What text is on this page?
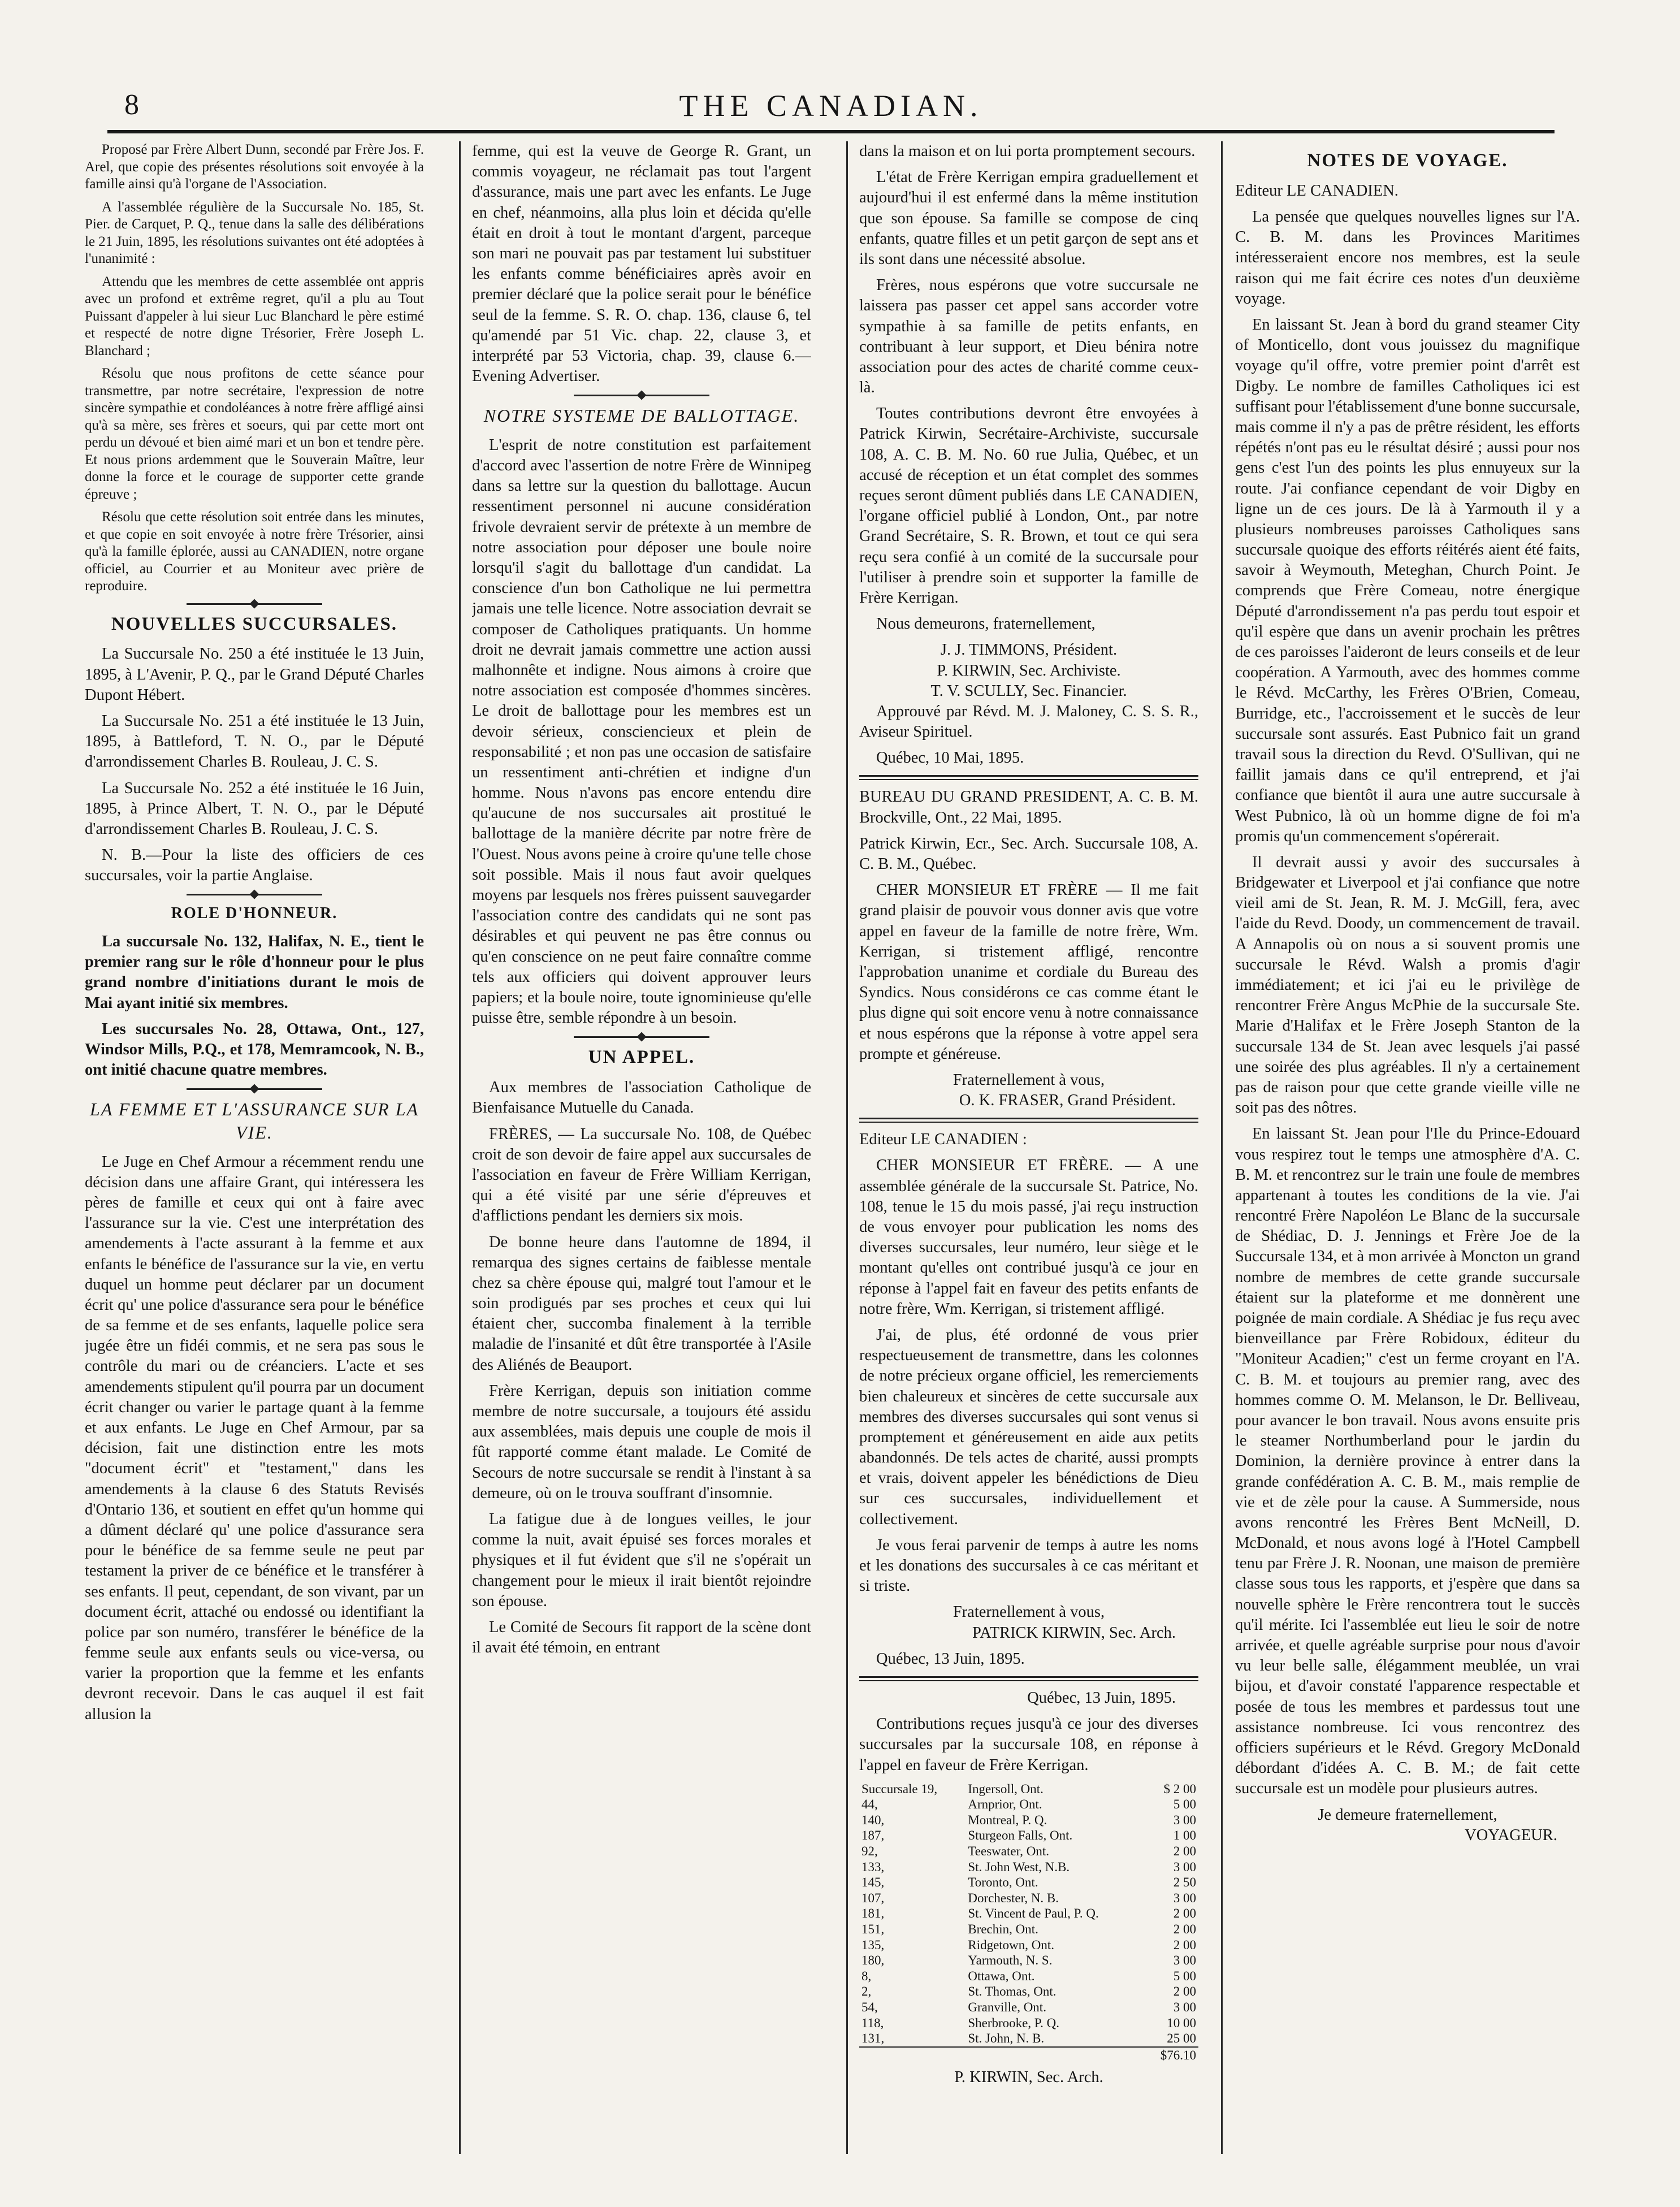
8	THE CANADIAN.

Proposé par Frère Albert Dunn, secondé par Frère Jos. F. Arel, que copie des présentes résolutions soit envoyée à la famille ainsi qu'à l'organe de l'Association.

A l'assemblée régulière de la Succursale No. 185, St. Pier. de Carquet, P. Q., tenue dans la salle des délibérations le 21 Juin, 1895, les résolutions suivantes ont été adoptées à l'unanimité :

Attendu que les membres de cette assemblée ont appris avec un profond et extrême regret, qu'il a plu au Tout Puissant d'appeler à lui sieur Luc Blanchard le père estimé et respecté de notre digne Trésorier, Frère Joseph L. Blanchard ;

Résolu que nous profitons de cette séance pour transmettre, par notre secrétaire, l'expression de notre sincère sympathie et condoléances à notre frère affligé ainsi qu'à sa mère, ses frères et soeurs, qui par cette mort ont perdu un dévoué et bien aimé mari et un bon et tendre père. Et nous prions ardemment que le Souverain Maître, leur donne la force et le courage de supporter cette grande épreuve ;

Résolu que cette résolution soit entrée dans les minutes, et que copie en soit envoyée à notre frère Trésorier, ainsi qu'à la famille éplorée, aussi au CANADIEN, notre organe officiel, au Courrier et au Moniteur avec prière de reproduire.

NOUVELLES SUCCURSALES.

La Succursale No. 250 a été instituée le 13 Juin, 1895, à L'Avenir, P. Q., par le Grand Député Charles Dupont Hébert.

La Succursale No. 251 a été instituée le 13 Juin, 1895, à Battleford, T. N. O., par le Député d'arrondissement Charles B. Rouleau, J. C. S.

La Succursale No. 252 a été instituée le 16 Juin, 1895, à Prince Albert, T. N. O., par le Député d'arrondissement Charles B. Rouleau, J. C. S.

N. B.—Pour la liste des officiers de ces succursales, voir la partie Anglaise.

ROLE D'HONNEUR.

La succursale No. 132, Halifax, N. E., tient le premier rang sur le rôle d'honneur pour le plus grand nombre d'initiations durant le mois de Mai ayant initié six membres.

Les succursales No. 28, Ottawa, Ont., 127, Windsor Mills, P.Q., et 178, Memramcook, N. B., ont initié chacune quatre membres.

LA FEMME ET L'ASSURANCE SUR LA VIE.

Le Juge en Chef Armour a récemment rendu une décision dans une affaire Grant, qui intéressera les pères de famille et ceux qui ont à faire avec l'assurance sur la vie. C'est une interprétation des amendements à l'acte assurant à la femme et aux enfants le bénéfice de l'assurance sur la vie, en vertu duquel un homme peut déclarer par un document écrit qu' une police d'assurance sera pour le bénéfice de sa femme et de ses enfants, laquelle police sera jugée être un fidéi commis, et ne sera pas sous le contrôle du mari ou de créanciers. L'acte et ses amendements stipulent qu'il pourra par un document écrit changer ou varier le partage quant à la femme et aux enfants. Le Juge en Chef Armour, par sa décision, fait une distinction entre les mots "document écrit" et "testament," dans les amendements à la clause 6 des Statuts Revisés d'Ontario 136, et soutient en effet qu'un homme qui a dûment déclaré qu' une police d'assurance sera pour le bénéfice de sa femme seule ne peut par testament la priver de ce bénéfice et le transférer à ses enfants. Il peut, cependant, de son vivant, par un document écrit, attaché ou endossé ou identifiant la police par son numéro, transférer le bénéfice de la femme seule aux enfants seuls ou vice-versa, ou varier la proportion que la femme et les enfants devront recevoir. Dans le cas auquel il est fait allusion la

femme, qui est la veuve de George R. Grant, un commis voyageur, ne réclamait pas tout l'argent d'assurance, mais une part avec les enfants. Le Juge en chef, néanmoins, alla plus loin et décida qu'elle était en droit à tout le montant d'argent, parceque son mari ne pouvait pas par testament lui substituer les enfants comme bénéficiaires après avoir en premier déclaré que la police serait pour le bénéfice seul de la femme. S. R. O. chap. 136, clause 6, tel qu'amendé par 51 Vic. chap. 22, clause 3, et interprété par 53 Victoria, chap. 39, clause 6.—Evening Advertiser.

NOTRE SYSTEME DE BALLOTTAGE.

L'esprit de notre constitution est parfaitement d'accord avec l'assertion de notre Frère de Winnipeg dans sa lettre sur la question du ballottage. Aucun ressentiment personnel ni aucune considération frivole devraient servir de prétexte à un membre de notre association pour déposer une boule noire lorsqu'il s'agit du ballottage d'un candidat. La conscience d'un bon Catholique ne lui permettra jamais une telle licence. Notre association devrait se composer de Catholiques pratiquants. Un homme droit ne devrait jamais commettre une action aussi malhonnête et indigne. Nous aimons à croire que notre association est composée d'hommes sincères. Le droit de ballottage pour les membres est un devoir sérieux, consciencieux et plein de responsabilité ; et non pas une occasion de satisfaire un ressentiment anti-chrétien et indigne d'un homme. Nous n'avons pas encore entendu dire qu'aucune de nos succursales ait prostitué le ballottage de la manière décrite par notre frère de l'Ouest. Nous avons peine à croire qu'une telle chose soit possible. Mais il nous faut avoir quelques moyens par lesquels nos frères puissent sauvegarder l'association contre des candidats qui ne sont pas désirables et qui peuvent ne pas être connus ou qu'en conscience on ne peut faire connaître comme tels aux officiers qui doivent approuver leurs papiers; et la boule noire, toute ignominieuse qu'elle puisse être, semble répondre à un besoin.

UN APPEL.

Aux membres de l'association Catholique de Bienfaisance Mutuelle du Canada.

FRÈRES, — La succursale No. 108, de Québec croit de son devoir de faire appel aux succursales de l'association en faveur de Frère William Kerrigan, qui a été visité par une série d'épreuves et d'afflictions pendant les derniers six mois.

De bonne heure dans l'automne de 1894, il remarqua des signes certains de faiblesse mentale chez sa chère épouse qui, malgré tout l'amour et le soin prodigués par ses proches et ceux qui lui étaient cher, succomba finalement à la terrible maladie de l'insanité et dût être transportée à l'Asile des Aliénés de Beauport.

Frère Kerrigan, depuis son initiation comme membre de notre succursale, a toujours été assidu aux assemblées, mais depuis une couple de mois il fût rapporté comme étant malade. Le Comité de Secours de notre succursale se rendit à l'instant à sa demeure, où on le trouva souffrant d'insomnie.

La fatigue due à de longues veilles, le jour comme la nuit, avait épuisé ses forces morales et physiques et il fut évident que s'il ne s'opérait un changement pour le mieux il irait bientôt rejoindre son épouse.

Le Comité de Secours fit rapport de la scène dont il avait été témoin, en entrant

dans la maison et on lui porta promptement secours.

L'état de Frère Kerrigan empira graduellement et aujourd'hui il est enfermé dans la même institution que son épouse. Sa famille se compose de cinq enfants, quatre filles et un petit garçon de sept ans et ils sont dans une nécessité absolue.

Frères, nous espérons que votre succursale ne laissera pas passer cet appel sans accorder votre sympathie à sa famille de petits enfants, en contribuant à leur support, et Dieu bénira notre association pour des actes de charité comme ceux-là.

Toutes contributions devront être envoyées à Patrick Kirwin, Secrétaire-Archiviste, succursale 108, A. C. B. M. No. 60 rue Julia, Québec, et un accusé de réception et un état complet des sommes reçues seront dûment publiés dans LE CANADIEN, l'organe officiel publié à London, Ont., par notre Grand Secrétaire, S. R. Brown, et tout ce qui sera reçu sera confié à un comité de la succursale pour l'utiliser à prendre soin et supporter la famille de Frère Kerrigan.

Nous demeurons, fraternellement,

J. J. TIMMONS, Président.

P. KIRWIN, Sec. Archiviste.

T. V. SCULLY, Sec. Financier.

Approuvé par Révd. M. J. Maloney, C. S. S. R., Aviseur Spirituel.

Québec, 10 Mai, 1895.

BUREAU DU GRAND PRESIDENT, A. C. B. M. Brockville, Ont., 22 Mai, 1895.

Patrick Kirwin, Ecr., Sec. Arch. Succursale 108, A. C. B. M., Québec.

CHER MONSIEUR ET FRÈRE — Il me fait grand plaisir de pouvoir vous donner avis que votre appel en faveur de la famille de notre frère, Wm. Kerrigan, si tristement affligé, rencontre l'approbation unanime et cordiale du Bureau des Syndics. Nous considérons ce cas comme étant le plus digne qui soit encore venu à notre connaissance et nous espérons que la réponse à votre appel sera prompte et généreuse.

Fraternellement à vous,

O. K. FRASER, Grand Président.

Editeur LE CANADIEN :

CHER MONSIEUR ET FRÈRE. — A une assemblée générale de la succursale St. Patrice, No. 108, tenue le 15 du mois passé, j'ai reçu instruction de vous envoyer pour publication les noms des diverses succursales, leur numéro, leur siège et le montant qu'elles ont contribué jusqu'à ce jour en réponse à l'appel fait en faveur des petits enfants de notre frère, Wm. Kerrigan, si tristement affligé.

J'ai, de plus, été ordonné de vous prier respectueusement de transmettre, dans les colonnes de notre précieux organe officiel, les remerciements bien chaleureux et sincères de cette succursale aux membres des diverses succursales qui sont venus si promptement et généreusement en aide aux petits abandonnés. De tels actes de charité, aussi prompts et vrais, doivent appeler les bénédictions de Dieu sur ces succursales, individuellement et collectivement.

Je vous ferai parvenir de temps à autre les noms et les donations des succursales à ce cas méritant et si triste.

Fraternellement à vous,

PATRICK KIRWIN, Sec. Arch.

Québec, 13 Juin, 1895.

Québec, 13 Juin, 1895.

Contributions reçues jusqu'à ce jour des diverses succursales par la succursale 108, en réponse à l'appel en faveur de Frère Kerrigan.

Succursale 19,	Ingersoll, Ont.	$ 2 00
44,	Arnprior, Ont.	5 00
140,	Montreal, P. Q.	3 00
187,	Sturgeon Falls, Ont.	1 00
92,	Teeswater, Ont.	2 00
133,	St. John West, N.B.	3 00
145,	Toronto, Ont.	2 50
107,	Dorchester, N. B.	3 00
181,	St. Vincent de Paul, P. Q.	2 00
151,	Brechin, Ont.	2 00
135,	Ridgetown, Ont.	2 00
180,	Yarmouth, N. S.	3 00
8,	Ottawa, Ont.	5 00
2,	St. Thomas, Ont.	2 00
54,	Granville, Ont.	3 00
118,	Sherbrooke, P. Q.	10 00
131,	St. John, N. B.	25 00
		$76.10

P. KIRWIN, Sec. Arch.

NOTES DE VOYAGE.

Editeur LE CANADIEN.

La pensée que quelques nouvelles lignes sur l'A. C. B. M. dans les Provinces Maritimes intéresseraient encore nos membres, est la seule raison qui me fait écrire ces notes d'un deuxième voyage.

En laissant St. Jean à bord du grand steamer City of Monticello, dont vous jouissez du magnifique voyage qu'il offre, votre premier point d'arrêt est Digby. Le nombre de familles Catholiques ici est suffisant pour l'établissement d'une bonne succursale, mais comme il n'y a pas de prêtre résident, les efforts répétés n'ont pas eu le résultat désiré ; aussi pour nos gens c'est l'un des points les plus ennuyeux sur la route. J'ai confiance cependant de voir Digby en ligne un de ces jours. De là à Yarmouth il y a plusieurs nombreuses paroisses Catholiques sans succursale quoique des efforts réitérés aient été faits, savoir à Weymouth, Meteghan, Church Point. Je comprends que Frère Comeau, notre énergique Député d'arrondissement n'a pas perdu tout espoir et qu'il espère que dans un avenir prochain les prêtres de ces paroisses l'aideront de leurs conseils et de leur coopération. A Yarmouth, avec des hommes comme le Révd. McCarthy, les Frères O'Brien, Comeau, Burridge, etc., l'accroissement et le succès de leur succursale sont assurés. East Pubnico fait un grand travail sous la direction du Revd. O'Sullivan, qui ne faillit jamais dans ce qu'il entreprend, et j'ai confiance que bientôt il aura une autre succursale à West Pubnico, là où un homme digne de foi m'a promis qu'un commencement s'opérerait.

Il devrait aussi y avoir des succursales à Bridgewater et Liverpool et j'ai confiance que notre vieil ami de St. Jean, R. M. J. McGill, fera, avec l'aide du Revd. Doody, un commencement de travail. A Annapolis où on nous a si souvent promis une succursale le Révd. Walsh a promis d'agir immédiatement; et ici j'ai eu le privilège de rencontrer Frère Angus McPhie de la succursale Ste. Marie d'Halifax et le Frère Joseph Stanton de la succursale 134 de St. Jean avec lesquels j'ai passé une soirée des plus agréables. Il n'y a certainement pas de raison pour que cette grande vieille ville ne soit pas des nôtres.

En laissant St. Jean pour l'Ile du Prince-Edouard vous respirez tout le temps une atmosphère d'A. C. B. M. et rencontrez sur le train une foule de membres appartenant à toutes les conditions de la vie. J'ai rencontré Frère Napoléon Le Blanc de la succursale de Shédiac, D. J. Jennings et Frère Joe de la Succursale 134, et à mon arrivée à Moncton un grand nombre de membres de cette grande succursale étaient sur la plateforme et me donnèrent une poignée de main cordiale. A Shédiac je fus reçu avec bienveillance par Frère Robidoux, éditeur du "Moniteur Acadien;" c'est un ferme croyant en l'A. C. B. M. et toujours au premier rang, avec des hommes comme O. M. Melanson, le Dr. Belliveau, pour avancer le bon travail. Nous avons ensuite pris le steamer Northumberland pour le jardin du Dominion, la dernière province à entrer dans la grande confédération A. C. B. M., mais remplie de vie et de zèle pour la cause. A Summerside, nous avons rencontré les Frères Bent McNeill, D. McDonald, et nous avons logé à l'Hotel Campbell tenu par Frère J. R. Noonan, une maison de première classe sous tous les rapports, et j'espère que dans sa nouvelle sphère le Frère rencontrera tout le succès qu'il mérite. Ici l'assemblée eut lieu le soir de notre arrivée, et quelle agréable surprise pour nous d'avoir vu leur belle salle, élégamment meublée, un vrai bijou, et d'avoir constaté l'apparence respectable et posée de tous les membres et pardessus tout une assistance nombreuse. Ici vous rencontrez des officiers supérieurs et le Révd. Gregory McDonald débordant d'idées A. C. B. M.; de fait cette succursale est un modèle pour plusieurs autres.

Je demeure fraternellement,

VOYAGEUR.
